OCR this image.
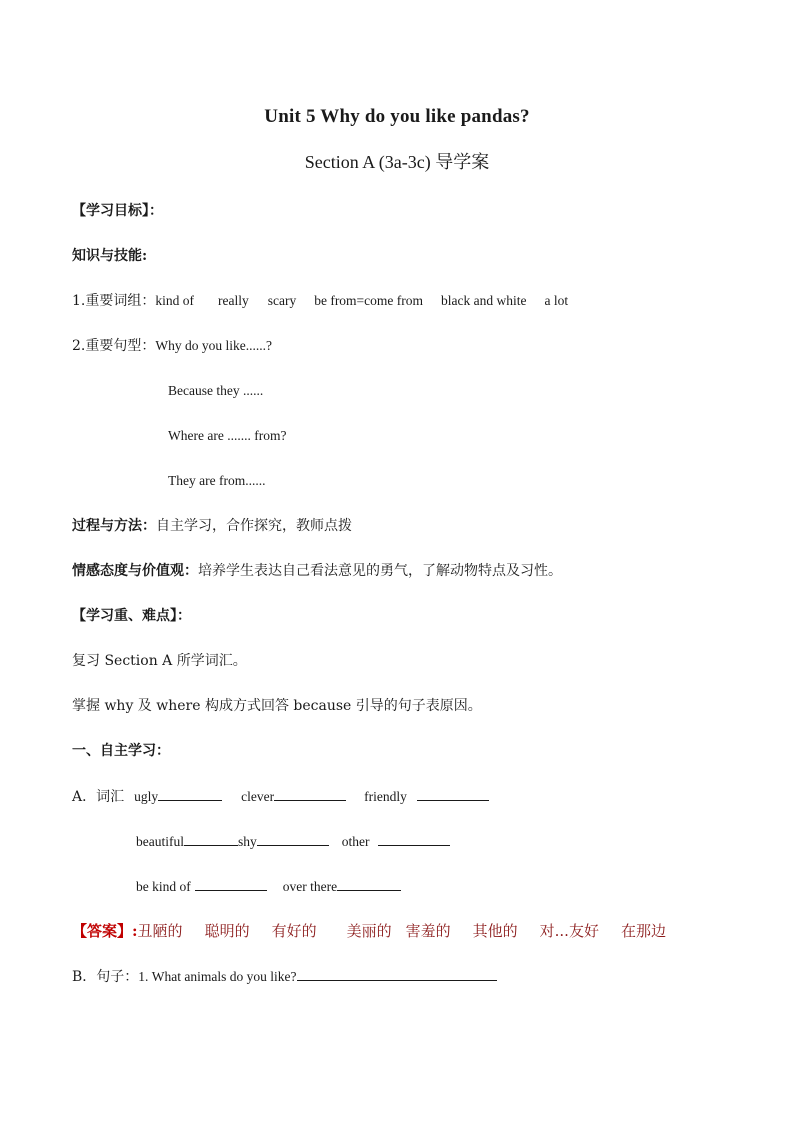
Unit 5 Why do you like pandas?
Section A (3a-3c) 导学案
【学习目标】：
知识与技能:
1.重要词组：kind of really scary be from=come from black and white a lot
2.重要句型：Why do you like......?
Because they ......
Where are ....... from?
They are from......
过程与方法：自主学习，合作探究，教师点拨
情感态度与价值观：培养学生表达自己看法意见的勇气，了解动物特点及习性。
【学习重、难点】：
复习 Section A 所学词汇。
掌握 why 及 where 构成方式回答 because 引导的句子表原因。
一、自主学习：
A．词汇 ugly	clever	friendly
beautiful	shy	other
be kind of	over there
【答案】:丑陋的 聪明的 有好的 美丽的 害羞的 其他的 对...友好 在那边
B．句子：1. What animals do you like?
